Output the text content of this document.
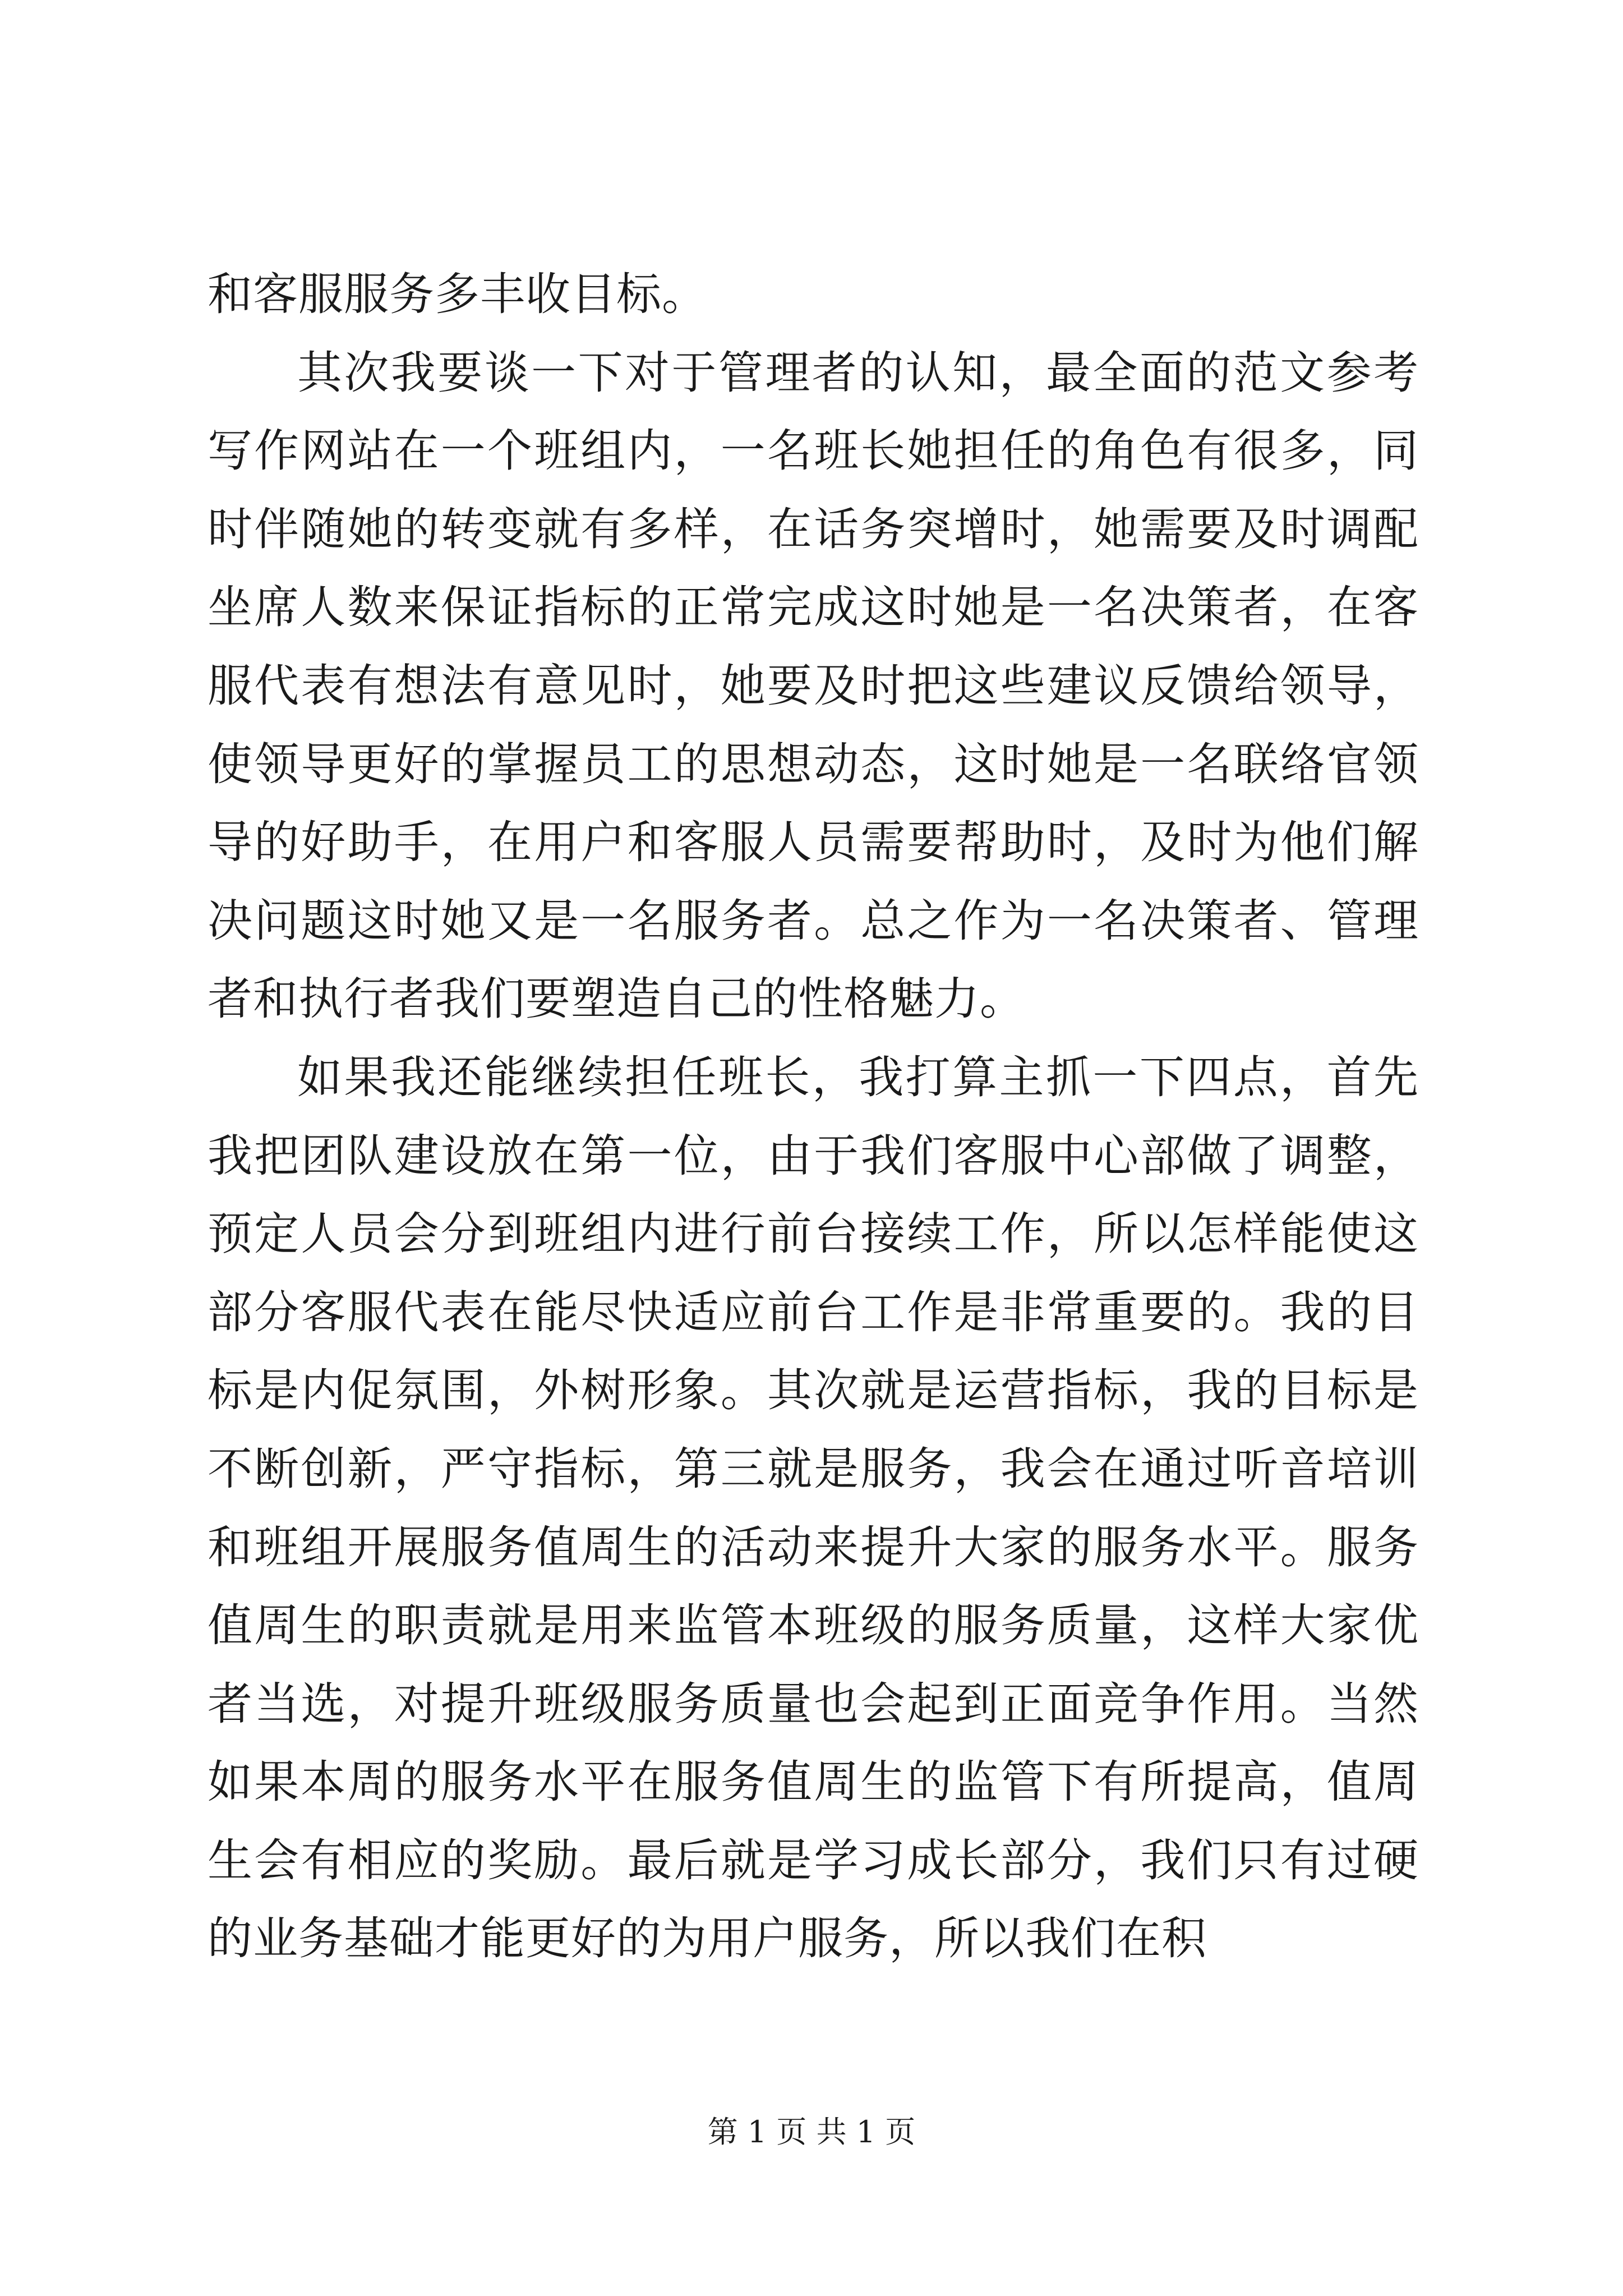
和客服服务多丰收目标。

其次我要谈一下对于管理者的认知，最全面的范文参考写作网站在一个班组内，一名班长她担任的角色有很多，同时伴随她的转变就有多样，在话务突增时，她需要及时调配坐席人数来保证指标的正常完成这时她是一名决策者，在客服代表有想法有意见时，她要及时把这些建议反馈给领导，使领导更好的掌握员工的思想动态，这时她是一名联络官领导的好助手，在用户和客服人员需要帮助时，及时为他们解决问题这时她又是一名服务者。总之作为一名决策者、管理者和执行者我们要塑造自己的性格魅力。

如果我还能继续担任班长，我打算主抓一下四点，首先我把团队建设放在第一位，由于我们客服中心部做了调整，预定人员会分到班组内进行前台接续工作，所以怎样能使这部分客服代表在能尽快适应前台工作是非常重要的。我的目标是内促氛围，外树形象。其次就是运营指标，我的目标是不断创新，严守指标，第三就是服务，我会在通过听音培训和班组开展服务值周生的活动来提升大家的服务水平。服务值周生的职责就是用来监管本班级的服务质量，这样大家优者当选，对提升班级服务质量也会起到正面竞争作用。当然如果本周的服务水平在服务值周生的监管下有所提高，值周生会有相应的奖励。最后就是学习成长部分，我们只有过硬的业务基础才能更好的为用户服务，所以我们在积

第 1 页 共 1 页
